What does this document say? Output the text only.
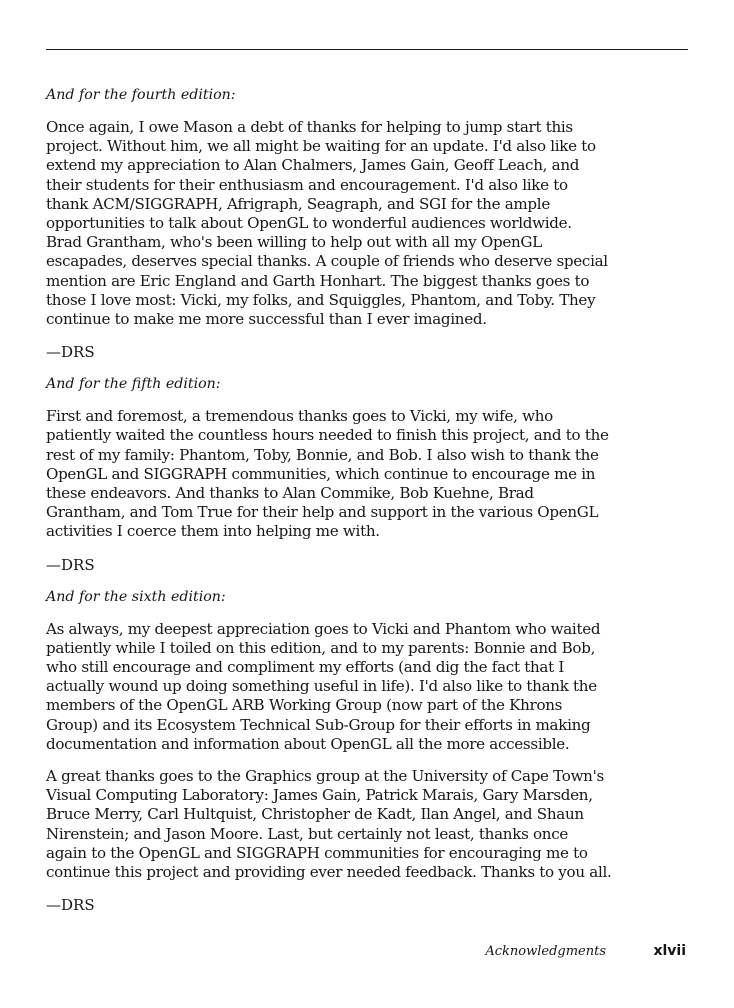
And for the fourth edition:

Once again, I owe Mason a debt of thanks for helping to jump start this project. Without him, we all might be waiting for an update. I'd also like to extend my appreciation to Alan Chalmers, James Gain, Geoff Leach, and their students for their enthusiasm and encouragement. I'd also like to thank ACM/SIGGRAPH, Afrigraph, Seagraph, and SGI for the ample opportunities to talk about OpenGL to wonderful audiences worldwide. Brad Grantham, who's been willing to help out with all my OpenGL escapades, deserves special thanks. A couple of friends who deserve special mention are Eric England and Garth Honhart. The biggest thanks goes to those I love most: Vicki, my folks, and Squiggles, Phantom, and Toby. They continue to make me more successful than I ever imagined.

—DRS

And for the fifth edition:

First and foremost, a tremendous thanks goes to Vicki, my wife, who patiently waited the countless hours needed to finish this project, and to the rest of my family: Phantom, Toby, Bonnie, and Bob. I also wish to thank the OpenGL and SIGGRAPH communities, which continue to encourage me in these endeavors. And thanks to Alan Commike, Bob Kuehne, Brad Grantham, and Tom True for their help and support in the various OpenGL activities I coerce them into helping me with.

—DRS

And for the sixth edition:

As always, my deepest appreciation goes to Vicki and Phantom who waited patiently while I toiled on this edition, and to my parents: Bonnie and Bob, who still encourage and compliment my efforts (and dig the fact that I actually wound up doing something useful in life). I'd also like to thank the members of the OpenGL ARB Working Group (now part of the Khrons Group) and its Ecosystem Technical Sub-Group for their efforts in making documentation and information about OpenGL all the more accessible.

A great thanks goes to the Graphics group at the University of Cape Town's Visual Computing Laboratory: James Gain, Patrick Marais, Gary Marsden, Bruce Merry, Carl Hultquist, Christopher de Kadt, Ilan Angel, and Shaun Nirenstein; and Jason Moore. Last, but certainly not least, thanks once again to the OpenGL and SIGGRAPH communities for encouraging me to continue this project and providing ever needed feedback. Thanks to you all.

—DRS

Acknowledgments	xlvii
